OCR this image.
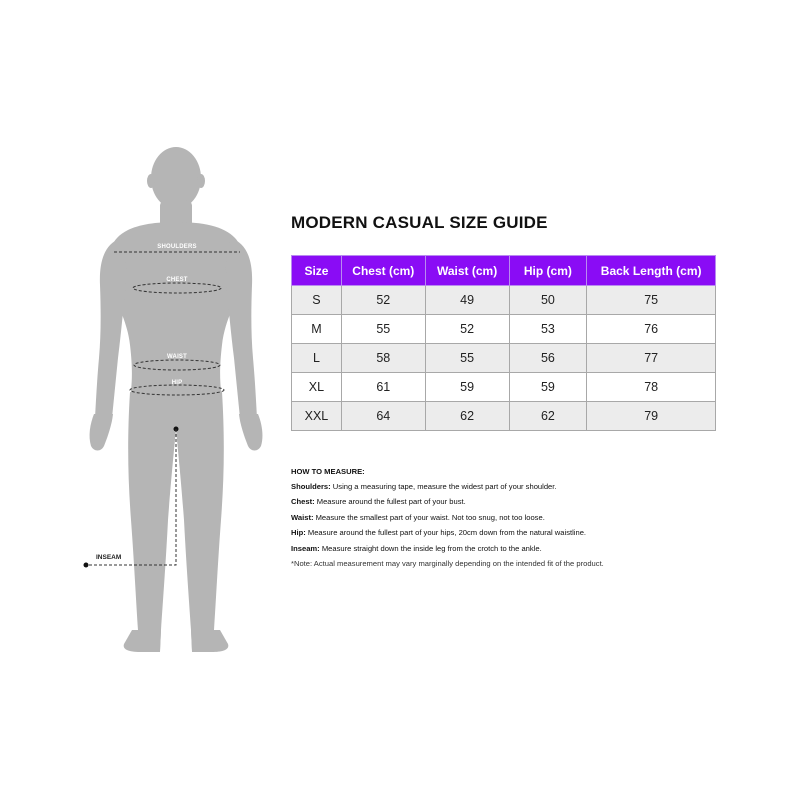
SHOULDERS
CHEST
WAIST
HIP
INSEAM
MODERN CASUAL SIZE GUIDE
Size	Chest (cm)	Waist (cm)	Hip (cm)	Back Length (cm)
S	52	49	50	75
M	55	52	53	76
L	58	55	56	77
XL	61	59	59	78
XXL	64	62	62	79
HOW TO MEASURE:
Shoulders: Using a measuring tape, measure the widest part of your shoulder.
Chest: Measure around the fullest part of your bust.
Waist: Measure the smallest part of your waist. Not too snug, not too loose.
Hip: Measure around the fullest part of your hips, 20cm down from the natural waistline.
Inseam: Measure straight down the inside leg from the crotch to the ankle.
*Note: Actual measurement may vary marginally depending on the intended fit of the product.
